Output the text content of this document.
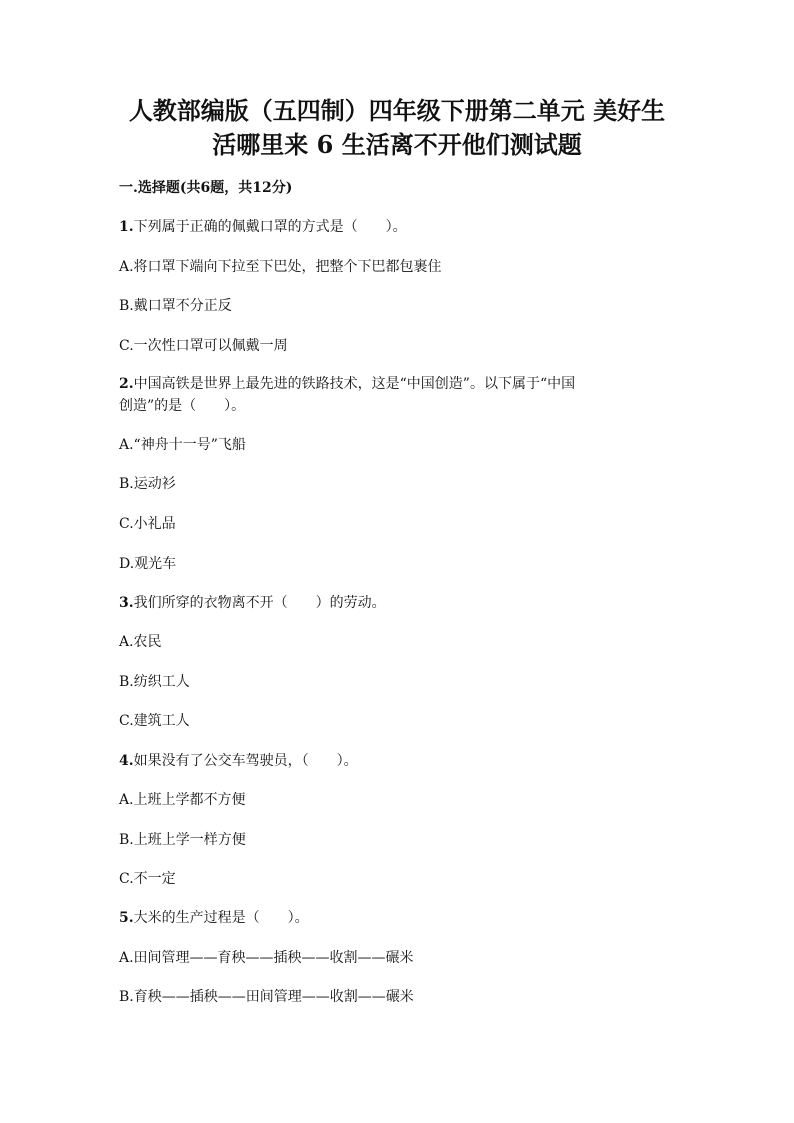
人教部编版（五四制）四年级下册第二单元 美好生
活哪里来 6 生活离不开他们测试题
一.选择题(共6题，共12分)
1.下列属于正确的佩戴口罩的方式是（　　）。
A.将口罩下端向下拉至下巴处，把整个下巴都包裹住
B.戴口罩不分正反
C.一次性口罩可以佩戴一周
2.中国高铁是世界上最先进的铁路技术，这是“中国创造”。以下属于“中国
创造”的是（　　）。
A.“神舟十一号”飞船
B.运动衫
C.小礼品
D.观光车
3.我们所穿的衣物离不开（　　）的劳动。
A.农民
B.纺织工人
C.建筑工人
4.如果没有了公交车驾驶员，（　　）。
A.上班上学都不方便
B.上班上学一样方便
C.不一定
5.大米的生产过程是（　　）。
A.田间管理——育秧——插秧——收割——碾米
B.育秧——插秧——田间管理——收割——碾米
